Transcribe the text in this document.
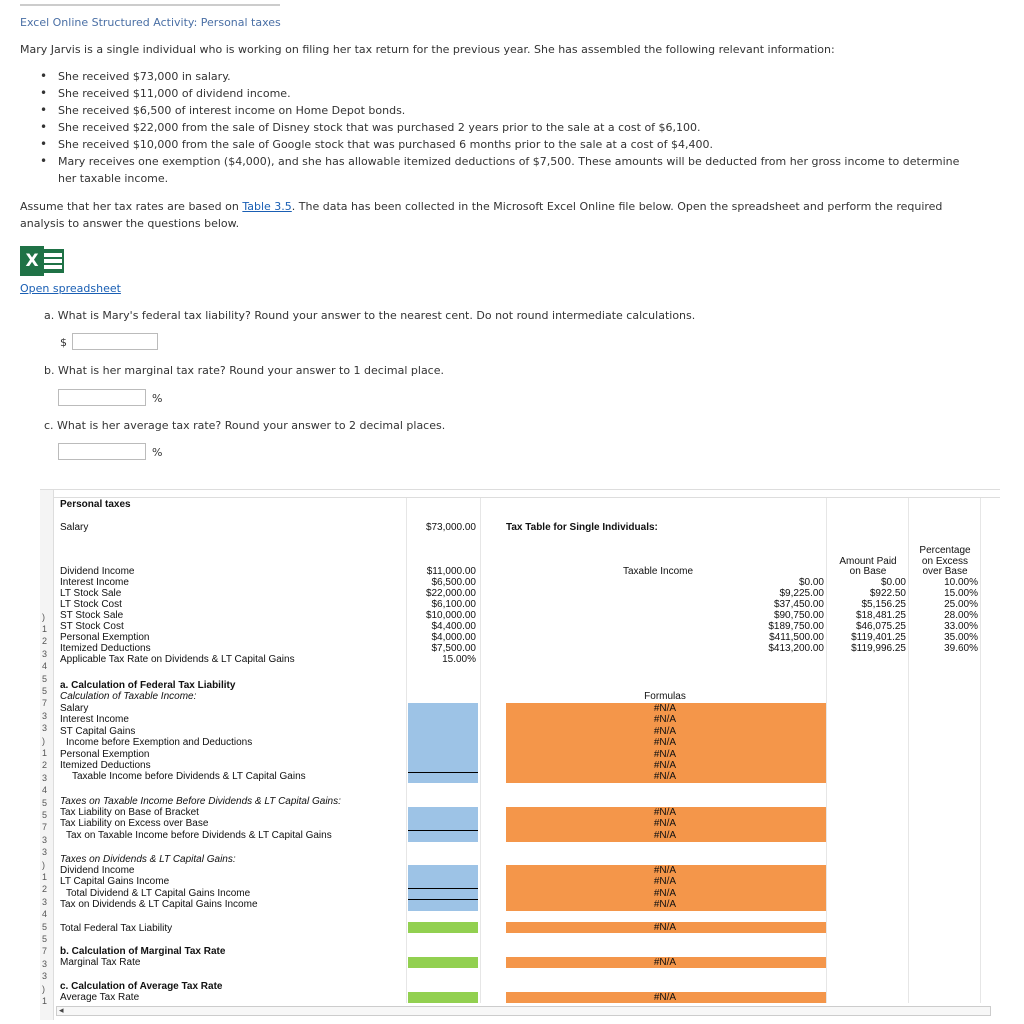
Excel Online Structured Activity: Personal taxes
Mary Jarvis is a single individual who is working on filing her tax return for the previous year. She has assembled the following relevant information:
• She received $73,000 in salary.
• She received $11,000 of dividend income.
• She received $6,500 of interest income on Home Depot bonds.
• She received $22,000 from the sale of Disney stock that was purchased 2 years prior to the sale at a cost of $6,100.
• She received $10,000 from the sale of Google stock that was purchased 6 months prior to the sale at a cost of $4,400.
• Mary receives one exemption ($4,000), and she has allowable itemized deductions of $7,500. These amounts will be deducted from her gross income to determine her taxable income.
Assume that her tax rates are based on Table 3.5. The data has been collected in the Microsoft Excel Online file below. Open the spreadsheet and perform the required analysis to answer the questions below.
X
Open spreadsheet
a. What is Mary's federal tax liability? Round your answer to the nearest cent. Do not round intermediate calculations.
$
b. What is her marginal tax rate? Round your answer to 1 decimal place.
%
c. What is her average tax rate? Round your answer to 2 decimal places.
%
)
1
2
3
4
5
5
7
3
3
)
1
2
3
4
5
5
7
3
3
)
1
2
3
4
5
5
7
3
3
)
1
Personal taxes
Salary	$73,000.00	Tax Table for Single Individuals:
Dividend Income	$11,000.00
Interest Income	$6,500.00
LT Stock Sale	$22,000.00
LT Stock Cost	$6,100.00
ST Stock Sale	$10,000.00
ST Stock Cost	$4,400.00
Personal Exemption	$4,000.00
Itemized Deductions	$7,500.00
Applicable Tax Rate on Dividends & LT Capital Gains	15.00%
Taxable Income
Amount Paid
on Base
Percentage
on Excess
over Base
$0.00	$0.00	10.00%
$9,225.00	$922.50	15.00%
$37,450.00	$5,156.25	25.00%
$90,750.00	$18,481.25	28.00%
$189,750.00	$46,075.25	33.00%
$411,500.00	$119,401.25	35.00%
$413,200.00	$119,996.25	39.60%
a. Calculation of Federal Tax Liability
Calculation of Taxable Income:	Formulas
Salary	#N/A
Interest Income	#N/A
ST Capital Gains	#N/A
Income before Exemption and Deductions	#N/A
Personal Exemption	#N/A
Itemized Deductions	#N/A
Taxable Income before Dividends & LT Capital Gains	#N/A
Taxes on Taxable Income Before Dividends & LT Capital Gains:
Tax Liability on Base of Bracket	#N/A
Tax Liability on Excess over Base	#N/A
Tax on Taxable Income before Dividends & LT Capital Gains	#N/A
Taxes on Dividends & LT Capital Gains:
Dividend Income	#N/A
LT Capital Gains Income	#N/A
Total Dividend & LT Capital Gains Income	#N/A
Tax on Dividends & LT Capital Gains Income	#N/A
Total Federal Tax Liability	#N/A
b. Calculation of Marginal Tax Rate
Marginal Tax Rate	#N/A
c. Calculation of Average Tax Rate
Average Tax Rate	#N/A
◂
